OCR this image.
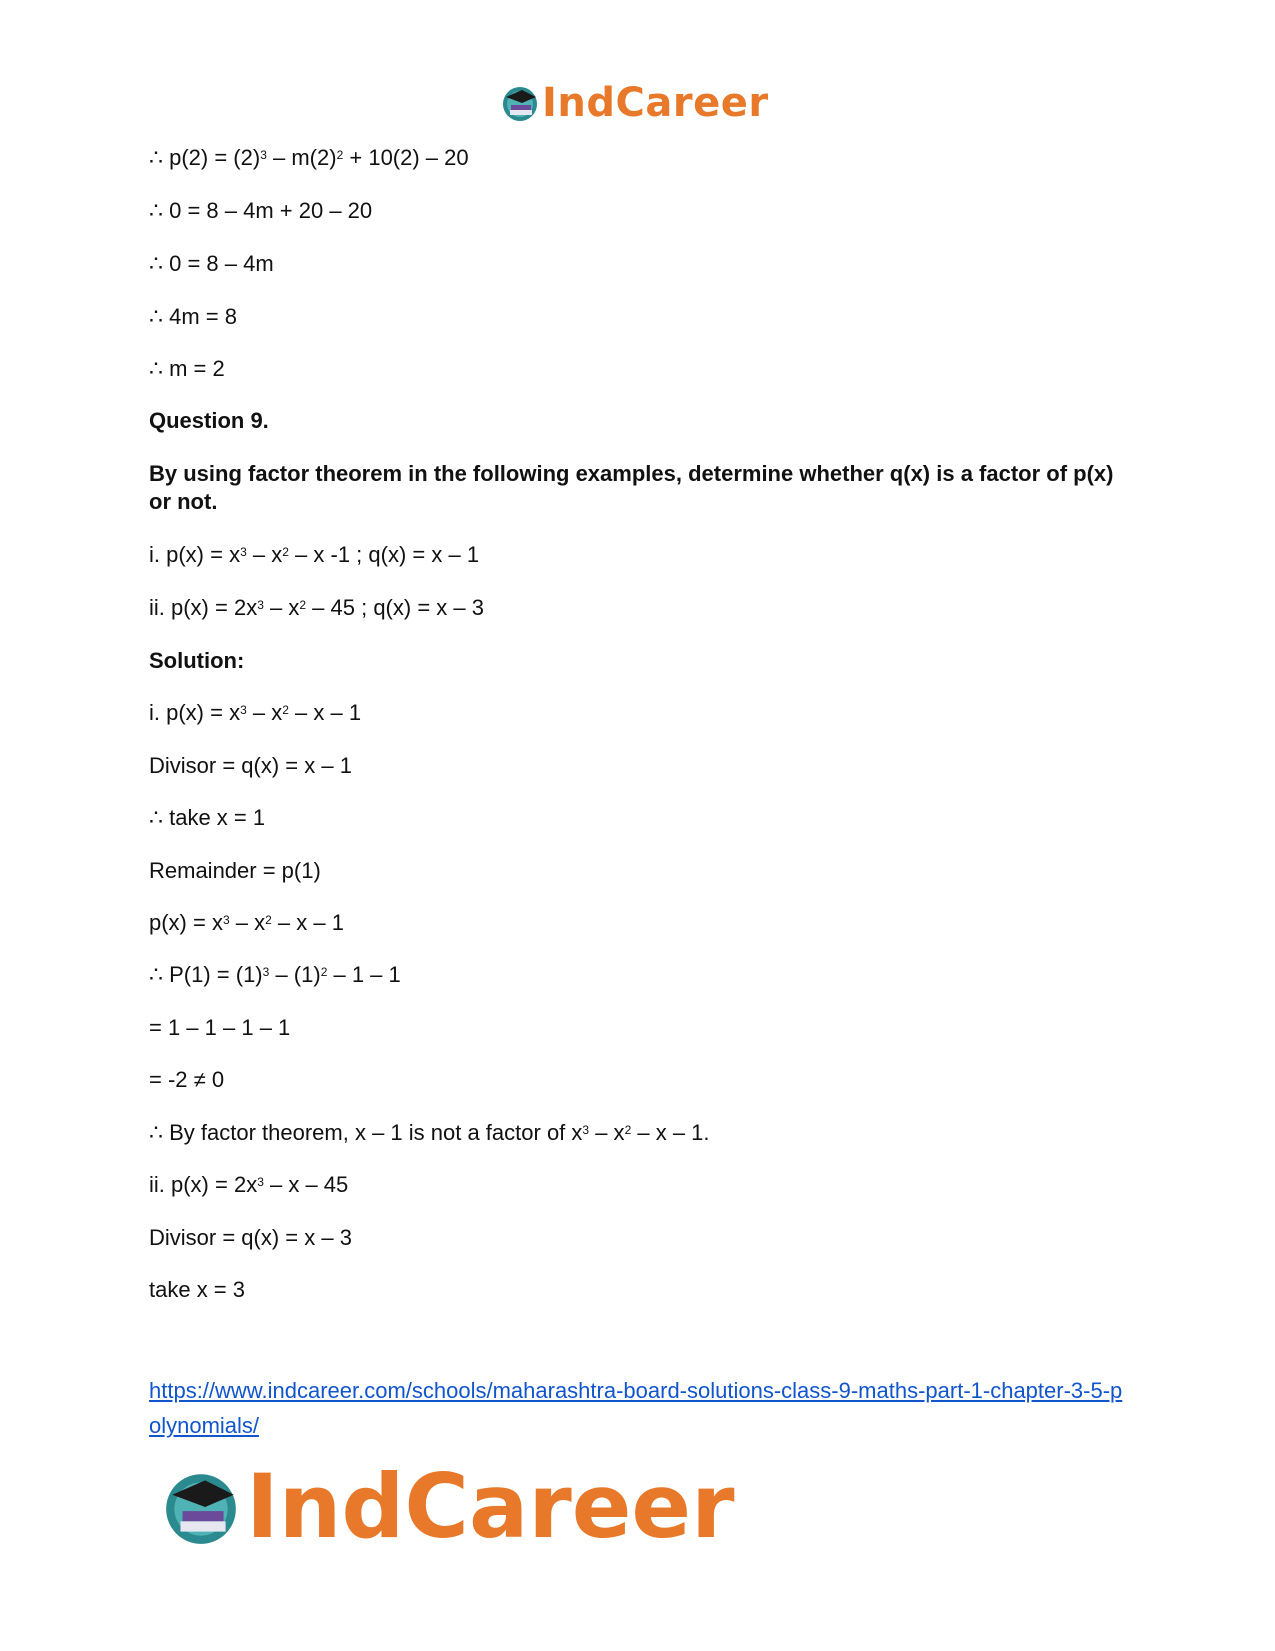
IndCareer
∴ $p(2) = (2)^3 - m(2)^2 + 10(2) - 20$
∴ 0 = 8 – 4m + 20 – 20
∴ 0 = 8 – 4m
∴ 4m = 8
∴ m = 2
Question 9.
By using factor theorem in the following examples, determine whether q(x) is a factor of p(x) or not.
i. $p(x) = x^3 - x^2 - x$ -1 ; q(x) = x – 1
ii. $p(x) = 2x^3 - x^2 - 45$ ; q(x) = x – 3
Solution:
i. $p(x) = x^3 - x^2 - x - 1$
Divisor = q(x) = x – 1
∴ take x = 1
Remainder = p(1)
$p(x) = x^3 - x^2 - x - 1$
∴ $P(1) = (1)^3 - (1)^2 - 1 - 1$
= 1 – 1 – 1 – 1
= -2 ≠ 0
∴ By factor theorem, x – 1 is not a factor of $x^3 - x^2$ – x – 1.
ii. $p(x) = 2x^3 - x - 45$
Divisor = q(x) = x – 3
take x = 3
https://www.indcareer.com/schools/maharashtra-board-solutions-class-9-maths-part-1-chapter-3-5-polynomials/
IndCareer
